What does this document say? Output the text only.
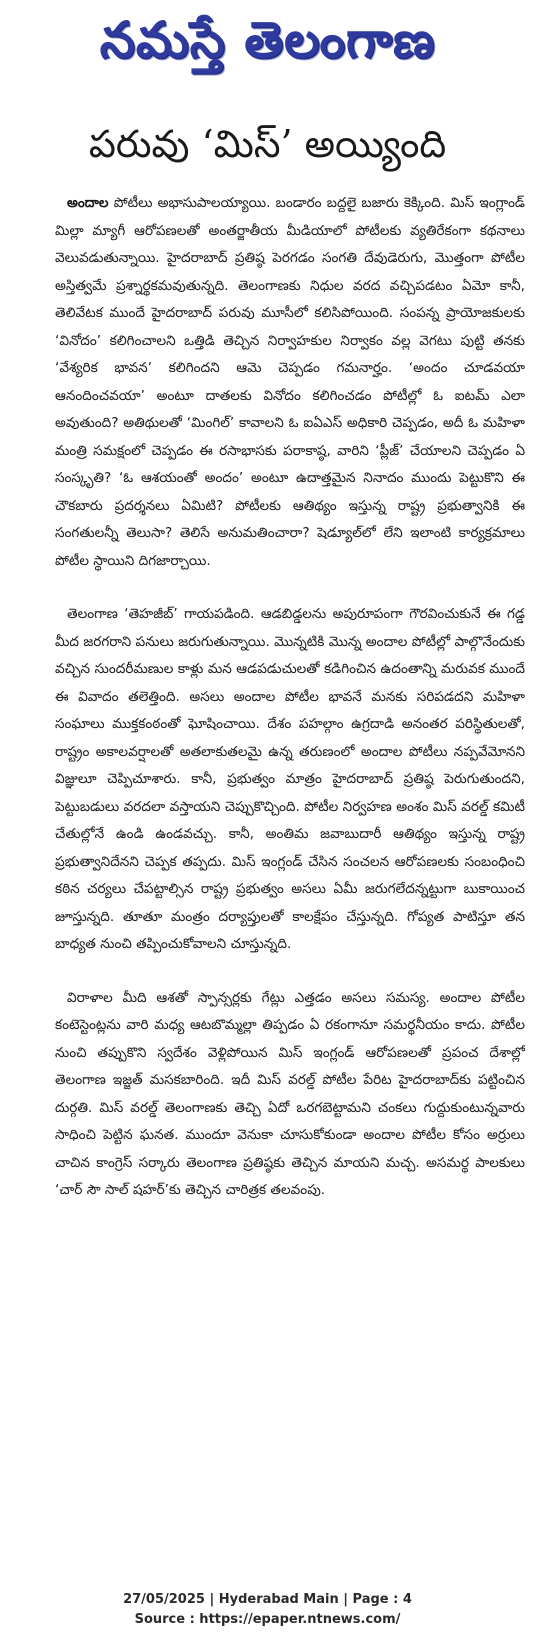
నమస్తే తెలంగాణ
పరువు ‘మిస్’ అయ్యింది

అందాల పోటీలు అభాసుపాలయ్యాయి. బండారం బద్దలై బజారు కెక్కింది. మిస్ ఇంగ్లాండ్ మిల్లా మ్యాగీ ఆరోపణలతో అంతర్జాతీయ మీడియాలో పోటీలకు వ్యతిరేకంగా కథనాలు వెలువడుతున్నాయి. హైదరాబాద్ ప్రతిష్ఠ పెరగడం సంగతి దేవుడెరుగు, మొత్తంగా పోటీల అస్తిత్వమే ప్రశ్నార్థకమవుతున్నది. తెలంగాణకు నిధుల వరద వచ్చిపడటం ఏమో కానీ, తెలివేటక ముందే హైదరాబాద్ పరువు మూసీలో కలిసిపోయింది. సంపన్న ప్రాయోజకులకు ‘వినోదం’ కలిగించాలని ఒత్తిడి తెచ్చిన నిర్వాహకుల నిర్వాకం వల్ల వెగటు పుట్టి తనకు ‘వేశ్యరిక భావన’ కలిగిందని ఆమె చెప్పడం గమనార్హం. ‘అందం చూడవయా ఆనందించవయా’ అంటూ దాతలకు వినోదం కలిగించడం పోటీల్లో ఓ ఐటమ్ ఎలా అవుతుంది? అతిథులతో ‘మింగిల్’ కావాలని ఓ ఐఏఎస్ అధికారి చెప్పడం, అదీ ఓ మహిళా మంత్రి సమక్షంలో చెప్పడం ఈ రసాభాసకు పరాకాష్ఠ, వారిని ‘ప్లీజ్’ చేయాలని చెప్పడం ఏ సంస్కృతి? ‘ఓ ఆశయంతో అందం’ అంటూ ఉదాత్తమైన నినాదం ముందు పెట్టుకొని ఈ చౌకబారు ప్రదర్శనలు ఏమిటి? పోటీలకు ఆతిథ్యం ఇస్తున్న రాష్ట్ర ప్రభుత్వానికి ఈ సంగతులన్నీ తెలుసా? తెలిసే అనుమతించారా? షెడ్యూల్‌లో లేని ఇలాంటి కార్యక్రమాలు పోటీల స్థాయిని దిగజార్చాయి.

తెలంగాణ ‘తెహజీబ్’ గాయపడింది. ఆడబిడ్డలను అపురూపంగా గౌరవించుకునే ఈ గడ్డ మీద జరగరాని పనులు జరుగుతున్నాయి. మొన్నటికి మొన్న అందాల పోటీల్లో పాల్గొనేందుకు వచ్చిన సుందరీమణుల కాళ్లు మన ఆడపడుచులతో కడిగించిన ఉదంతాన్ని మరువక ముందే ఈ వివాదం తలెత్తింది. అసలు అందాల పోటీల భావనే మనకు సరిపడదని మహిళా సంఘాలు ముక్తకంఠంతో ఘోషించాయి. దేశం పహల్గాం ఉగ్రదాడి అనంతర పరిస్థితులతో, రాష్ట్రం అకాలవర్షాలతో అతలాకుతలమై ఉన్న తరుణంలో అందాల పోటీలు నప్పవేమోనని విజ్ఞులూ చెప్పిచూశారు. కానీ, ప్రభుత్వం మాత్రం హైదరాబాద్ ప్రతిష్ఠ పెరుగుతుందని, పెట్టుబడులు వరదలా వస్తాయని చెప్పుకొచ్చింది. పోటీల నిర్వహణ అంశం మిస్ వరల్డ్ కమిటీ చేతుల్లోనే ఉండి ఉండవచ్చు. కానీ, అంతిమ జవాబుదారీ ఆతిథ్యం ఇస్తున్న రాష్ట్ర ప్రభుత్వానిదేనని చెప్పక తప్పదు. మిస్ ఇంగ్లండ్ చేసిన సంచలన ఆరోపణలకు సంబంధించి కఠిన చర్యలు చేపట్టాల్సిన రాష్ట్ర ప్రభుత్వం అసలు ఏమీ జరుగలేదన్నట్టుగా బుకాయించ జూస్తున్నది. తూతూ మంత్రం దర్యాప్తులతో కాలక్షేపం చేస్తున్నది. గోప్యత పాటిస్తూ తన బాధ్యత నుంచి తప్పించుకోవాలని చూస్తున్నది.

విరాళాల మీది ఆశతో స్పాన్సర్లకు గేట్లు ఎత్తడం అసలు సమస్య. అందాల పోటీల కంటెస్టెంట్లను వారి మధ్య ఆటబొమ్మల్లా తిప్పడం ఏ రకంగానూ సమర్థనీయం కాదు. పోటీల నుంచి తప్పుకొని స్వదేశం వెళ్లిపోయిన మిస్ ఇంగ్లండ్ ఆరోపణలతో ప్రపంచ దేశాల్లో తెలంగాణ ఇజ్జత్ మసకబారింది. ఇదీ మిస్ వరల్డ్ పోటీల పేరిట హైదరాబాద్‌కు పట్టించిన దుర్గతి. మిస్ వరల్డ్ తెలంగాణకు తెచ్చి ఏదో ఒరగబెట్టామని చంకలు గుద్దుకుంటున్నవారు సాధించి పెట్టిన ఘనత. ముందూ వెనుకా చూసుకోకుండా అందాల పోటీల కోసం అర్రులు చాచిన కాంగ్రెస్ సర్కారు తెలంగాణ ప్రతిష్ఠకు తెచ్చిన మాయని మచ్చ. అసమర్థ పాలకులు ‘చార్ సౌ సాల్ షహర్’కు తెచ్చిన చారిత్రక తలవంపు.

27/05/2025 | Hyderabad Main | Page : 4
Source : https://epaper.ntnews.com/
